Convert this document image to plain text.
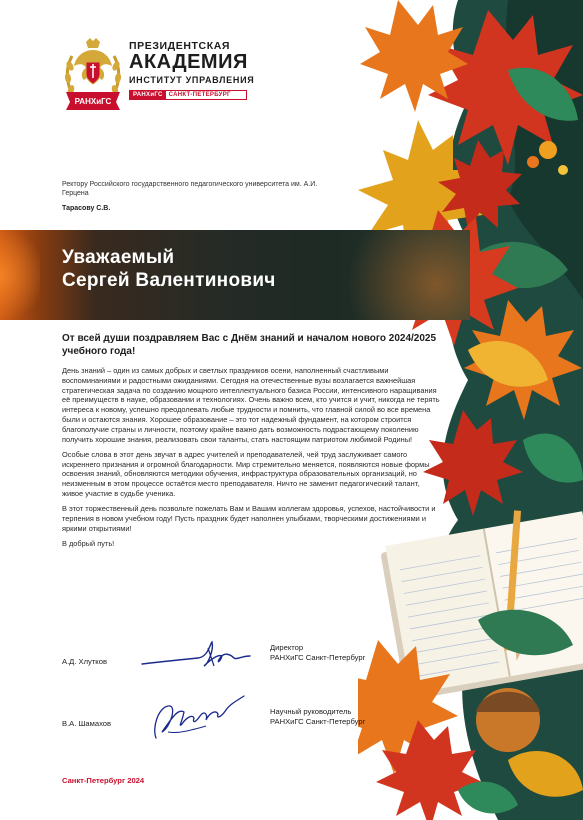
РАНХиГС
ПРЕЗИДЕНТСКАЯ
АКАДЕМИЯ
ИНСТИТУТ УПРАВЛЕНИЯ
РАНХиГС	САНКТ-ПЕТЕРБУРГ
Ректору Российского государственного педагогического университета им. А.И. Герцена
Тарасову С.В.
Уважаемый
Сергей Валентинович
От всей души поздравляем Вас с Днём знаний и началом нового 2024/2025 учебного года!

День знаний – один из самых добрых и светлых праздников осени, наполненный счастливыми воспоминаниями и радостными ожиданиями. Сегодня на отечественные вузы возлагается важнейшая стратегическая задача по созданию мощного интеллектуального базиса России, интенсивного наращивания её преимуществ в науке, образовании и технологиях. Очень важно всем, кто учится и учит, никогда не терять интереса к новому, успешно преодолевать любые трудности и помнить, что главной силой во все времена были и остаются знания. Хорошее образование – это тот надежный фундамент, на котором строится благополучие страны и личности, поэтому крайне важно дать возможность подрастающему поколению получить хорошие знания, реализовать свои таланты, стать настоящим патриотом любимой Родины!

Особые слова в этот день звучат в адрес учителей и преподавателей, чей труд заслуживает самого искреннего признания и огромной благодарности. Мир стремительно меняется, появляются новые формы освоения знаний, обновляются методики обучения, инфраструктура образовательных организаций, но неизменным в этом процессе остаётся место преподавателя. Ничто не заменит педагогический талант, живое участие в судьбе ученика.

В этот торжественный день позвольте пожелать Вам и Вашим коллегам здоровья, успехов, настойчивости и терпения в новом учебном году! Пусть праздник будет наполнен улыбками, творческими достижениями и яркими открытиями!

В добрый путь!

А.Д. Хлутков
Директор
РАНХиГС Санкт-Петербург
В.А. Шамахов
Научный руководитель
РАНХиГС Санкт-Петербург
Санкт-Петербург 2024
